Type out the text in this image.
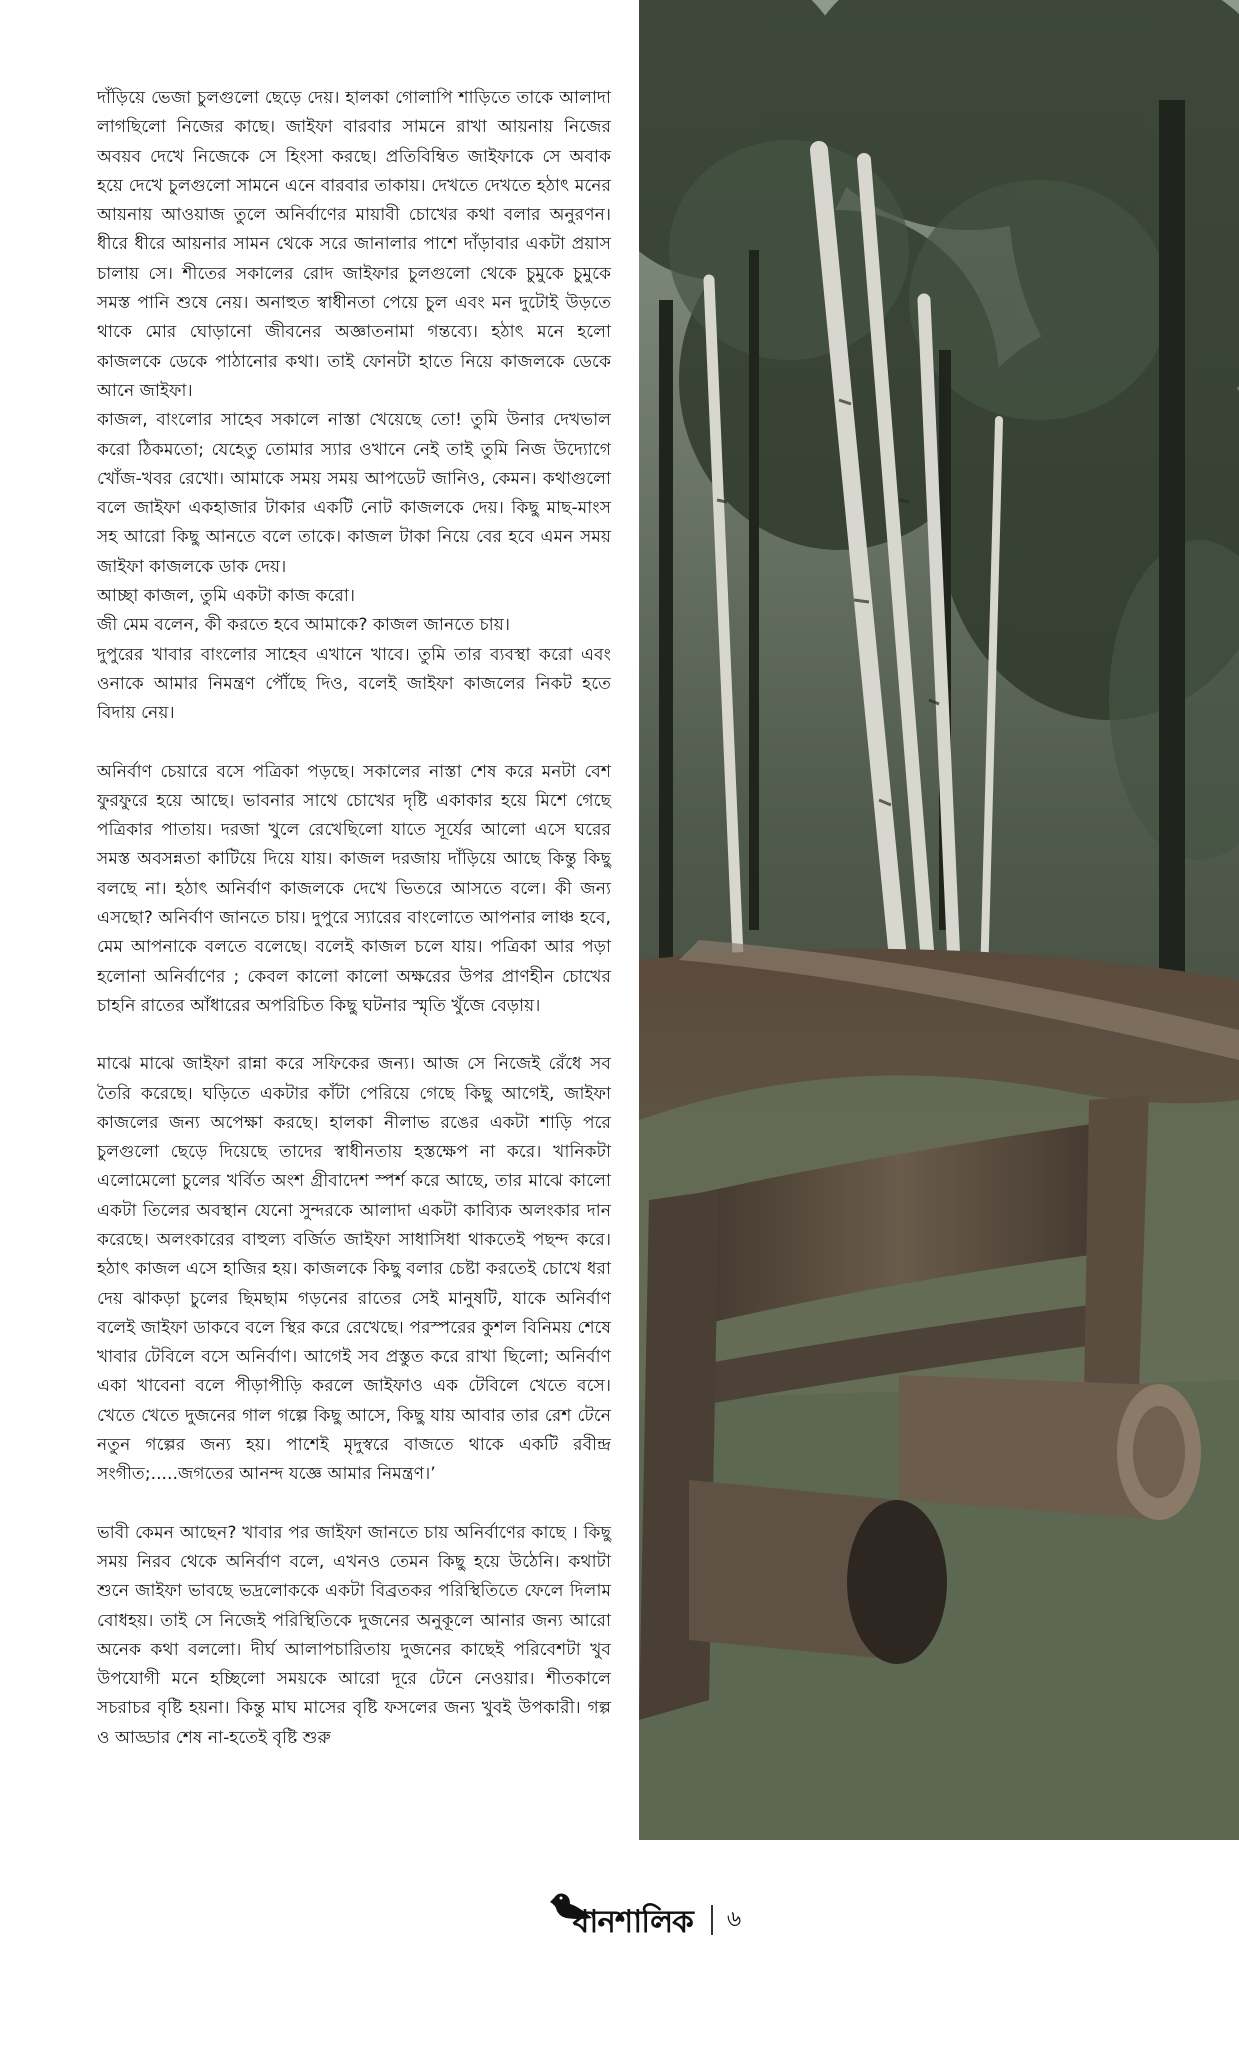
দাঁড়িয়ে ভেজা চুলগুলো ছেড়ে দেয়। হালকা গোলাপি শাড়িতে তাকে আলাদা লাগছিলো নিজের কাছে। জাইফা বারবার সামনে রাখা আয়নায় নিজের অবয়ব দেখে নিজেকে সে হিংসা করছে। প্রতিবিম্বিত জাইফাকে সে অবাক হয়ে দেখে চুলগুলো সামনে এনে বারবার তাকায়। দেখতে দেখতে হঠাৎ মনের আয়নায় আওয়াজ তুলে অনির্বাণের মায়াবী চোখের কথা বলার অনুরণন। ধীরে ধীরে আয়নার সামন থেকে সরে জানালার পাশে দাঁড়াবার একটা প্রয়াস চালায় সে। শীতের সকালের রোদ জাইফার চুলগুলো থেকে চুমুকে চুমুকে সমস্ত পানি শুষে নেয়। অনাহুত স্বাধীনতা পেয়ে চুল এবং মন দুটোই উড়তে থাকে মোর ঘোড়ানো জীবনের অজ্ঞাতনামা গন্তব্যে। হঠাৎ মনে হলো কাজলকে ডেকে পাঠানোর কথা। তাই ফোনটা হাতে নিয়ে কাজলকে ডেকে আনে জাইফা।

কাজল, বাংলোর সাহেব সকালে নাস্তা খেয়েছে তো! তুমি উনার দেখভাল করো ঠিকমতো; যেহেতু তোমার স্যার ওখানে নেই তাই তুমি নিজ উদ্যোগে খোঁজ-খবর রেখো। আমাকে সময় সময় আপডেট জানিও, কেমন। কথাগুলো বলে জাইফা একহাজার টাকার একটি নোট কাজলকে দেয়। কিছু মাছ-মাংস সহ আরো কিছু আনতে বলে তাকে। কাজল টাকা নিয়ে বের হবে এমন সময় জাইফা কাজলকে ডাক দেয়।

আচ্ছা কাজল, তুমি একটা কাজ করো।

জী মেম বলেন, কী করতে হবে আমাকে? কাজল জানতে চায়।

দুপুরের খাবার বাংলোর সাহেব এখানে খাবে। তুমি তার ব্যবস্থা করো এবং ওনাকে আমার নিমন্ত্রণ পৌঁছে দিও, বলেই জাইফা কাজলের নিকট হতে বিদায় নেয়।

অনির্বাণ চেয়ারে বসে পত্রিকা পড়ছে। সকালের নাস্তা শেষ করে মনটা বেশ ফুরফুরে হয়ে আছে। ভাবনার সাথে চোখের দৃষ্টি একাকার হয়ে মিশে গেছে পত্রিকার পাতায়। দরজা খুলে রেখেছিলো যাতে সূর্যের আলো এসে ঘরের সমস্ত অবসন্নতা কাটিয়ে দিয়ে যায়। কাজল দরজায় দাঁড়িয়ে আছে কিন্তু কিছু বলছে না। হঠাৎ অনির্বাণ কাজলকে দেখে ভিতরে আসতে বলে। কী জন্য এসছো? অনির্বাণ জানতে চায়। দুপুরে স্যারের বাংলোতে আপনার লাঞ্চ হবে, মেম আপনাকে বলতে বলেছে। বলেই কাজল চলে যায়। পত্রিকা আর পড়া হলোনা অনির্বাণের ; কেবল কালো কালো অক্ষরের উপর প্রাণহীন চোখের চাহনি রাতের আঁধারের অপরিচিত কিছু ঘটনার স্মৃতি খুঁজে বেড়ায়।

মাঝে মাঝে জাইফা রান্না করে সফিকের জন্য। আজ সে নিজেই রেঁধে সব তৈরি করেছে। ঘড়িতে একটার কাঁটা পেরিয়ে গেছে কিছু আগেই, জাইফা কাজলের জন্য অপেক্ষা করছে। হালকা নীলাভ রঙের একটা শাড়ি পরে চুলগুলো ছেড়ে দিয়েছে তাদের স্বাধীনতায় হস্তক্ষেপ না করে। খানিকটা এলোমেলো চুলের খর্বিত অংশ গ্রীবাদেশ স্পর্শ করে আছে, তার মাঝে কালো একটা তিলের অবস্থান যেনো সুন্দরকে আলাদা একটা কাব্যিক অলংকার দান করেছে। অলংকারের বাহুল্য বর্জিত জাইফা সাধাসিধা থাকতেই পছন্দ করে। হঠাৎ কাজল এসে হাজির হয়। কাজলকে কিছু বলার চেষ্টা করতেই চোখে ধরা দেয় ঝাকড়া চুলের ছিমছাম গড়নের রাতের সেই মানুষটি, যাকে অনির্বাণ বলেই জাইফা ডাকবে বলে স্থির করে রেখেছে। পরস্পরের কুশল বিনিময় শেষে খাবার টেবিলে বসে অনির্বাণ। আগেই সব প্রস্তুত করে রাখা ছিলো; অনির্বাণ একা খাবেনা বলে পীড়াপীড়ি করলে জাইফাও এক টেবিলে খেতে বসে। খেতে খেতে দুজনের গাল গল্পে কিছু আসে, কিছু যায় আবার তার রেশ টেনে নতুন গল্পের জন্য হয়। পাশেই মৃদুস্বরে বাজতে থাকে একটি রবীন্দ্র সংগীত;.....জগতের আনন্দ যজ্ঞে আমার নিমন্ত্রণ।’

ভাবী কেমন আছেন? খাবার পর জাইফা জানতে চায় অনির্বাণের কাছে । কিছু সময় নিরব থেকে অনির্বাণ বলে, এখনও তেমন কিছু হয়ে উঠেনি। কথাটা শুনে জাইফা ভাবছে ভদ্রলোককে একটা বিব্রতকর পরিস্থিতিতে ফেলে দিলাম বোধহয়। তাই সে নিজেই পরিস্থিতিকে দুজনের অনুকূলে আনার জন্য আরো অনেক কথা বললো। দীর্ঘ আলাপচারিতায় দুজনের কাছেই পরিবেশটা খুব উপযোগী মনে হচ্ছিলো সময়কে আরো দূরে টেনে নেওয়ার। শীতকালে সচরাচর বৃষ্টি হয়না। কিন্তু মাঘ মাসের বৃষ্টি ফসলের জন্য খুবই উপকারী। গল্প ও আড্ডার শেষ না-হতেই বৃষ্টি শুরু

ধানশালিক ৬
